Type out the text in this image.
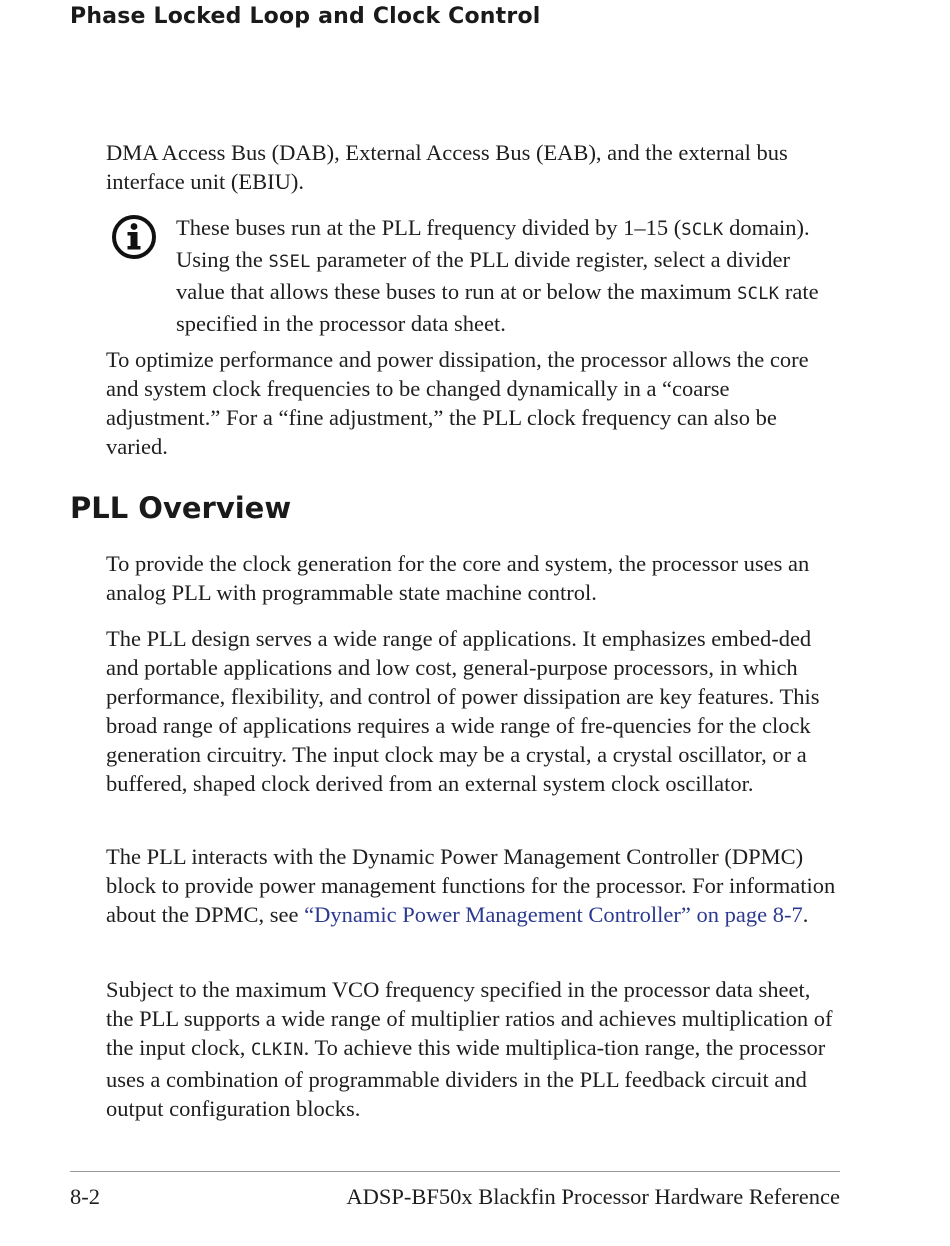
Phase Locked Loop and Clock Control

DMA Access Bus (DAB), External Access Bus (EAB), and the external bus interface unit (EBIU).

These buses run at the PLL frequency divided by 1–15 (SCLK domain). Using the SSEL parameter of the PLL divide register, select a divider value that allows these buses to run at or below the maximum SCLK rate specified in the processor data sheet.

To optimize performance and power dissipation, the processor allows the core and system clock frequencies to be changed dynamically in a “coarse adjustment.” For a “fine adjustment,” the PLL clock frequency can also be varied.

PLL Overview

To provide the clock generation for the core and system, the processor uses an analog PLL with programmable state machine control.

The PLL design serves a wide range of applications. It emphasizes embed-ded and portable applications and low cost, general-purpose processors, in which performance, flexibility, and control of power dissipation are key features. This broad range of applications requires a wide range of fre-quencies for the clock generation circuitry. The input clock may be a crystal, a crystal oscillator, or a buffered, shaped clock derived from an external system clock oscillator.

The PLL interacts with the Dynamic Power Management Controller (DPMC) block to provide power management functions for the processor. For information about the DPMC, see “Dynamic Power Management Controller” on page 8-7.

Subject to the maximum VCO frequency specified in the processor data sheet, the PLL supports a wide range of multiplier ratios and achieves multiplication of the input clock, CLKIN. To achieve this wide multiplica-tion range, the processor uses a combination of programmable dividers in the PLL feedback circuit and output configuration blocks.

8-2	ADSP-BF50x Blackfin Processor Hardware Reference
